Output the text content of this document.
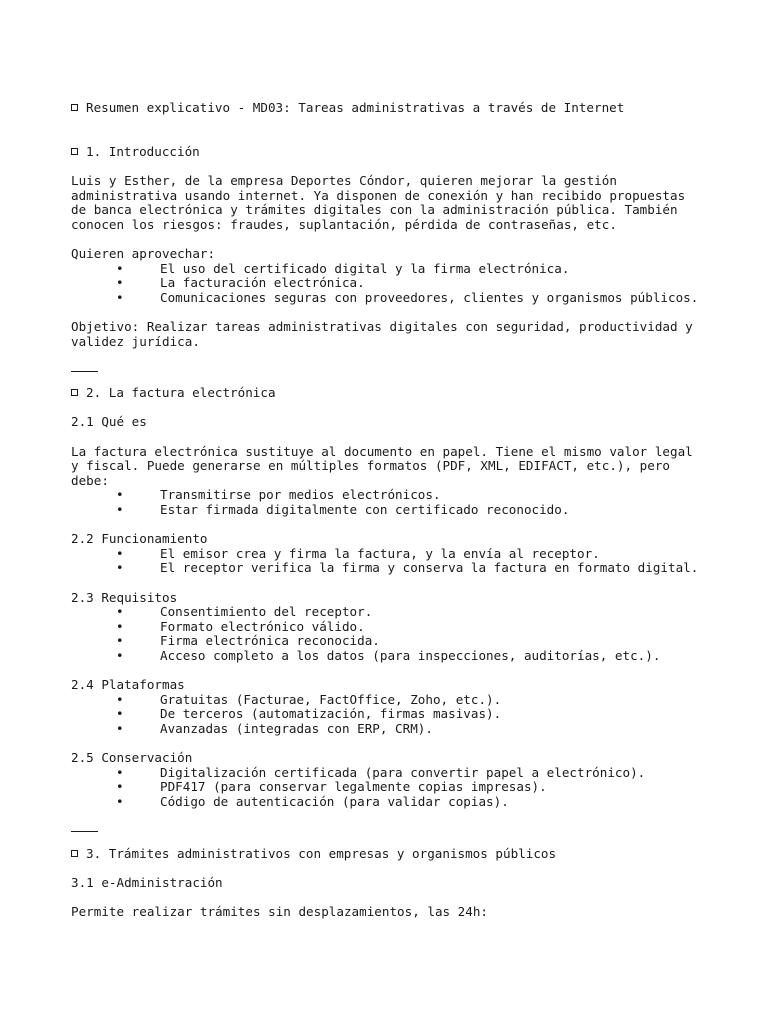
Resumen explicativo - MD03: Tareas administrativas a través de Internet
1. Introducción
Luis y Esther, de la empresa Deportes Cóndor, quieren mejorar la gestión
administrativa usando internet. Ya disponen de conexión y han recibido propuestas
de banca electrónica y trámites digitales con la administración pública. También
conocen los riesgos: fraudes, suplantación, pérdida de contraseñas, etc.
Quieren aprovechar:
•	El uso del certificado digital y la firma electrónica.
•	La facturación electrónica.
•	Comunicaciones seguras con proveedores, clientes y organismos públicos.
Objetivo: Realizar tareas administrativas digitales con seguridad, productividad y
validez jurídica.
2. La factura electrónica
2.1 Qué es
La factura electrónica sustituye al documento en papel. Tiene el mismo valor legal
y fiscal. Puede generarse en múltiples formatos (PDF, XML, EDIFACT, etc.), pero
debe:
•	Transmitirse por medios electrónicos.
•	Estar firmada digitalmente con certificado reconocido.
2.2 Funcionamiento
•	El emisor crea y firma la factura, y la envía al receptor.
•	El receptor verifica la firma y conserva la factura en formato digital.
2.3 Requisitos
•	Consentimiento del receptor.
•	Formato electrónico válido.
•	Firma electrónica reconocida.
•	Acceso completo a los datos (para inspecciones, auditorías, etc.).
2.4 Plataformas
•	Gratuitas (Facturae, FactOffice, Zoho, etc.).
•	De terceros (automatización, firmas masivas).
•	Avanzadas (integradas con ERP, CRM).
2.5 Conservación
•	Digitalización certificada (para convertir papel a electrónico).
•	PDF417 (para conservar legalmente copias impresas).
•	Código de autenticación (para validar copias).
3. Trámites administrativos con empresas y organismos públicos
3.1 e-Administración
Permite realizar trámites sin desplazamientos, las 24h:
